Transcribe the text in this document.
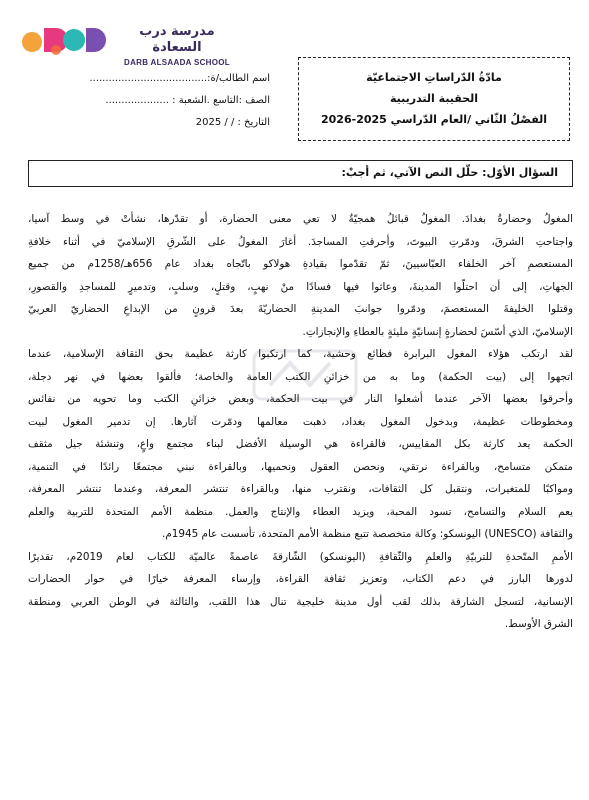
مدرسة درب السعادة
DARB ALSAADA SCHOOL
اسم الطالب/ة:.....................................
الصف :التاسع .الشعبة : ....................
التاريخ : / / 2025
مادّةُ الدّراساتِ الاجتماعيّة
الحقيبة التدريبية
الفصْلُ الثّاني /العام الدّراسي 2025-2026
السؤال الأوّل: حلّل النص الآتي، ثم أجبْ:
المغولُ وحضارةُ بغدادَ. المغولُ قبائلُ همجيّةٌ لا تعي معنى الحضارة، أو تقدّرها، نشأتْ في وسط آسيا،
واجتاحتِ الشرقَ، ودمّرتِ البيوتَ، وأحرقتِ المساجدَ. أغارَ المغولُ على الشّرقِ الإسلاميّ في أثناء خلافةِ
المستعصمِ آخر الخلفاء العبّاسيينَ، ثمّ تقدّموا بقيادةِ هولاكو باتّجاه بغداد عام 656هـ/1258م من جميع
الجهاتِ، إلى أن احتلّوا المدينةَ، وعاثوا فيها فسادًا منْ نهبٍ، وقتلٍ، وسلبٍ، وتدميرٍ للمساجدِ والقصورِ،
وقتلوا الخليفةَ المستعصمَ، ودمّروا جوانبَ المدينةِ الحضاريّةَ بعدَ قرونٍ من الإبداعِ الحضاريّ العربيّ
الإسلاميّ، الذي أسّسَ لحضارةٍ إنسانيّةٍ مليئةٍ بالعطاءِ والإنجازاتِ.
لقد ارتكب هؤلاء المغول البرابرة فظائع وحشية، كما ارتكبوا كارثة عظيمة بحق الثقافة الإسلامية، عندما
اتجهوا إلى (بيت الحكمة) وما به من خزائنِ الكتب العامة والخاصة؛ فألقوا بعضها في نهر دجلة،
وأحرقوا بعضها الآخر عندما أشعلوا النار في بيت الحكمة، وبعض خزائنِ الكتب وما تحويه من نفائس
ومخطوطات عظيمة، وبدخول المغول بغداد، ذهبت معالمها ودمّرت آثارها. إن تدمير المغول لبيت
الحكمة يعد كارثة بكل المقاييس، فالقراءة هي الوسيلة الأفضل لبناء مجتمع واعٍ، وتنشئة جيل مثقف
متمكن متسامح، وبالقراءة نرتقي، ونحصن العقول ونحميها، وبالقراءة نبني مجتمعًا رائدًا في التنمية،
ومواكبًا للمتغيرات، ونتقبل كل الثقافات، ونقترب منها، وبالقراءة تنتشر المعرفة، وعندما تنتشر المعرفة،
يعم السلام والتسامح، تسود المحبة، ويزيد العطاء والإنتاج والعمل. منظمة الأمم المتحدة للتربية والعلم
والثقافة (UNESCO) اليونسكو: وكالة متخصصة تتبع منظمة الأمم المتحدة، تأسست عام 1945م.
الأممِ المتّحدةِ للتربيّةِ والعلمِ والثّقافةِ (اليونسكو) الشّارقةَ عاصمةً عالميّة للكتاب لعام 2019م، تقديرًا
لدورها البارز في دعم الكتاب، وتعزيز ثقافة القراءة، وإرساء المعرفة خيارًا في حوار الحضارات
الإنسانية، لتسجل الشارقة بذلك لقب أول مدينة خليجية تنال هذا اللقب، والثالثة في الوطن العربي ومنطقة
الشرق الأوسط.
